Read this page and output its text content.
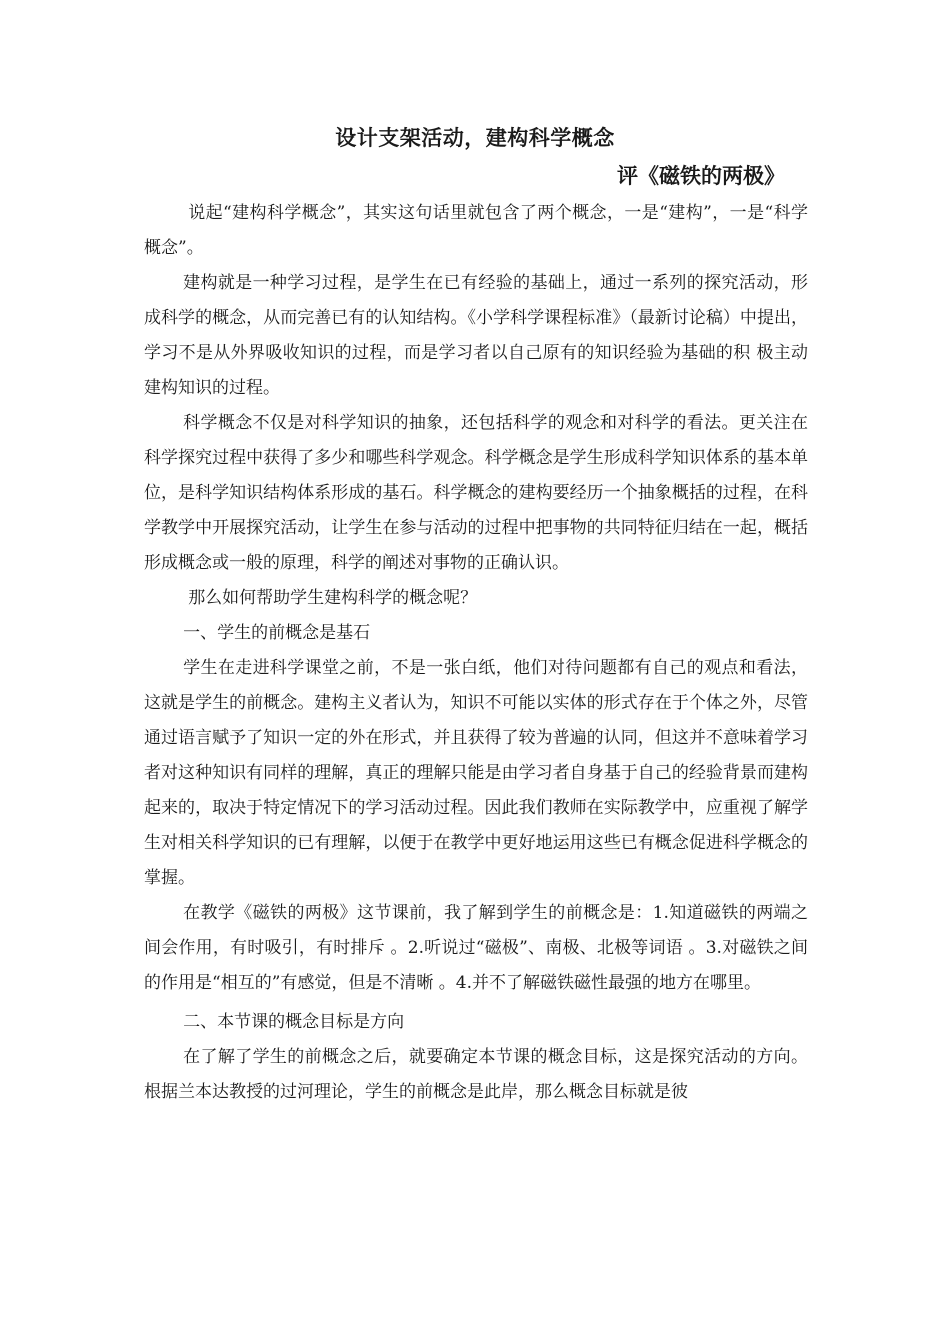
设计支架活动，建构科学概念
评《磁铁的两极》

说起“建构科学概念”，其实这句话里就包含了两个概念，一是“建构”，一是“科学概念”。

建构就是一种学习过程，是学生在已有经验的基础上，通过一系列的探究活动，形成科学的概念，从而完善已有的认知结构。《小学科学课程标准》（最新讨论稿）中提出，学习不是从外界吸收知识的过程，而是学习者以自己原有的知识经验为基础的积 极主动建构知识的过程。

科学概念不仅是对科学知识的抽象，还包括科学的观念和对科学的看法。更关注在科学探究过程中获得了多少和哪些科学观念。科学概念是学生形成科学知识体系的基本单位，是科学知识结构体系形成的基石。科学概念的建构要经历一个抽象概括的过程，在科学教学中开展探究活动，让学生在参与活动的过程中把事物的共同特征归结在一起，概括形成概念或一般的原理，科学的阐述对事物的正确认识。

那么如何帮助学生建构科学的概念呢？

一、学生的前概念是基石

学生在走进科学课堂之前，不是一张白纸，他们对待问题都有自己的观点和看法，这就是学生的前概念。建构主义者认为，知识不可能以实体的形式存在于个体之外，尽管通过语言赋予了知识一定的外在形式，并且获得了较为普遍的认同，但这并不意味着学习者对这种知识有同样的理解，真正的理解只能是由学习者自身基于自己的经验背景而建构起来的，取决于特定情况下的学习活动过程。因此我们教师在实际教学中，应重视了解学生对相关科学知识的已有理解，以便于在教学中更好地运用这些已有概念促进科学概念的掌握。

在教学《磁铁的两极》这节课前，我了解到学生的前概念是：1.知道磁铁的两端之间会作用，有时吸引，有时排斥 。2.听说过“磁极”、南极、北极等词语 。3.对磁铁之间的作用是“相互的”有感觉，但是不清晰 。4.并不了解磁铁磁性最强的地方在哪里。

二、本节课的概念目标是方向

在了解了学生的前概念之后，就要确定本节课的概念目标，这是探究活动的方向。根据兰本达教授的过河理论，学生的前概念是此岸，那么概念目标就是彼
